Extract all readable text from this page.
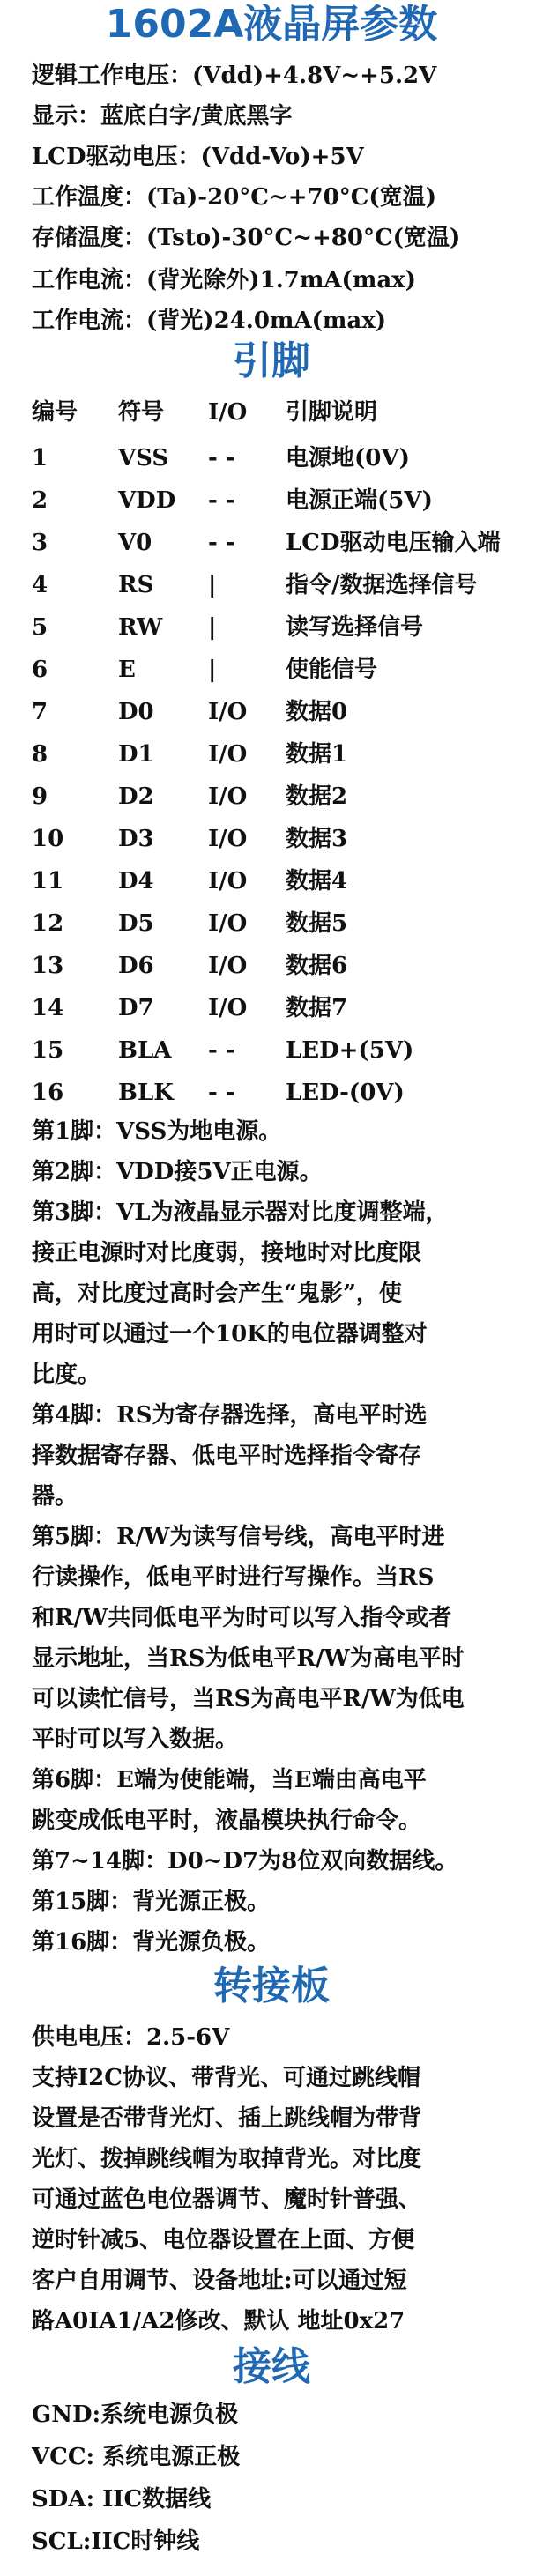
1602A液晶屏参数
逻辑工作电压：(Vdd)+4.8V~+5.2V
显示：蓝底白字/黄底黑字
LCD驱动电压：(Vdd-Vo)+5V
工作温度：(Ta)-20°C~+70°C(宽温)
存储温度：(Tsto)-30°C~+80°C(宽温)
工作电流：(背光除外)1.7mA(max)
工作电流：(背光)24.0mA(max)
引脚
编号 符号 I/O 引脚说明
1	VSS - - 电源地(0V)
2	VDD - - 电源正端(5V)
3	V0 - - LCD驱动电压输入端
4	RS |	指令/数据选择信号
5	RW |	读写选择信号
6	E	|	使能信号
7	D0 I/O 数据0
8	D1 I/O 数据1
9	D2 I/O 数据2
10 D3 I/O 数据3
11 D4 I/O 数据4
12 D5 I/O 数据5
13 D6 I/O 数据6
14 D7 I/O 数据7
15 BLA - - LED+(5V)
16 BLK - - LED-(0V)
第1脚：VSS为地电源。
第2脚：VDD接5V正电源。
第3脚：VL为液晶显示器对比度调整端，
接正电源时对比度弱，接地时对比度限
高，对比度过高时会产生“鬼影”，使
用时可以通过一个10K的电位器调整对
比度。
第4脚：RS为寄存器选择，高电平时选
择数据寄存器、低电平时选择指令寄存
器。
第5脚：R/W为读写信号线，高电平时进
行读操作，低电平时进行写操作。当RS
和R/W共同低电平为时可以写入指令或者
显示地址，当RS为低电平R/W为高电平时
可以读忙信号，当RS为高电平R/W为低电
平时可以写入数据。
第6脚：E端为使能端，当E端由高电平
跳变成低电平时，液晶模块执行命令。
第7~14脚：D0~D7为8位双向数据线。
第15脚：背光源正极。
第16脚：背光源负极。
转接板
供电电压：2.5-6V
支持I2C协议、带背光、可通过跳线帽
设置是否带背光灯、插上跳线帽为带背
光灯、拨掉跳线帽为取掉背光。对比度
可通过蓝色电位器调节、魔时针普强、
逆时针减5、电位器设置在上面、方便
客户自用调节、设备地址:可以通过短
路A0IA1/A2修改、默认 地址0x27
接线
GND:系统电源负极
VCC: 系统电源正极
SDA: IIC数据线
SCL:IIC时钟线
